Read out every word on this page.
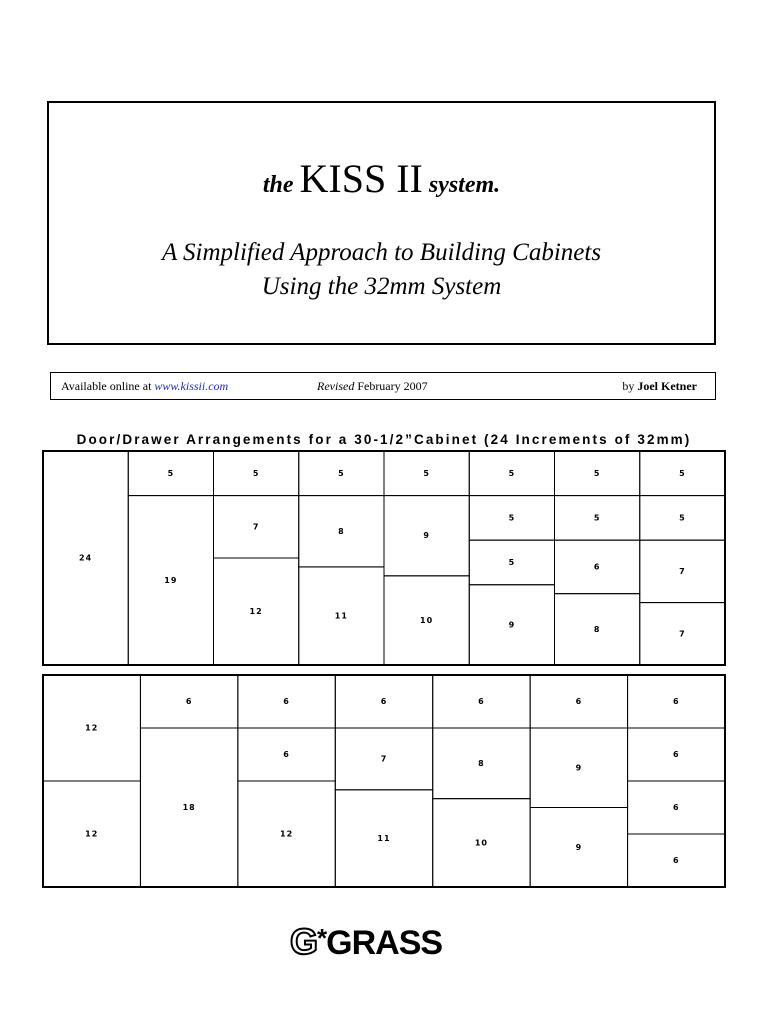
the KISS II system.
A Simplified Approach to Building Cabinets
Using the 32mm System
Available online at www.kissii.com	Revised February 2007	by Joel Ketner
Door/Drawer Arrangements for a 30-1/2”Cabinet (24 Increments of 32mm)
24
5
19
5
7
12
5
8
11
5
9
10
5
5
5
9
5
5
6
8
5
5
7
7
12
12
6
18
6
6
12
6
7
11
6
8
10
6
9
9
6
6
6
6
G*GRASS
